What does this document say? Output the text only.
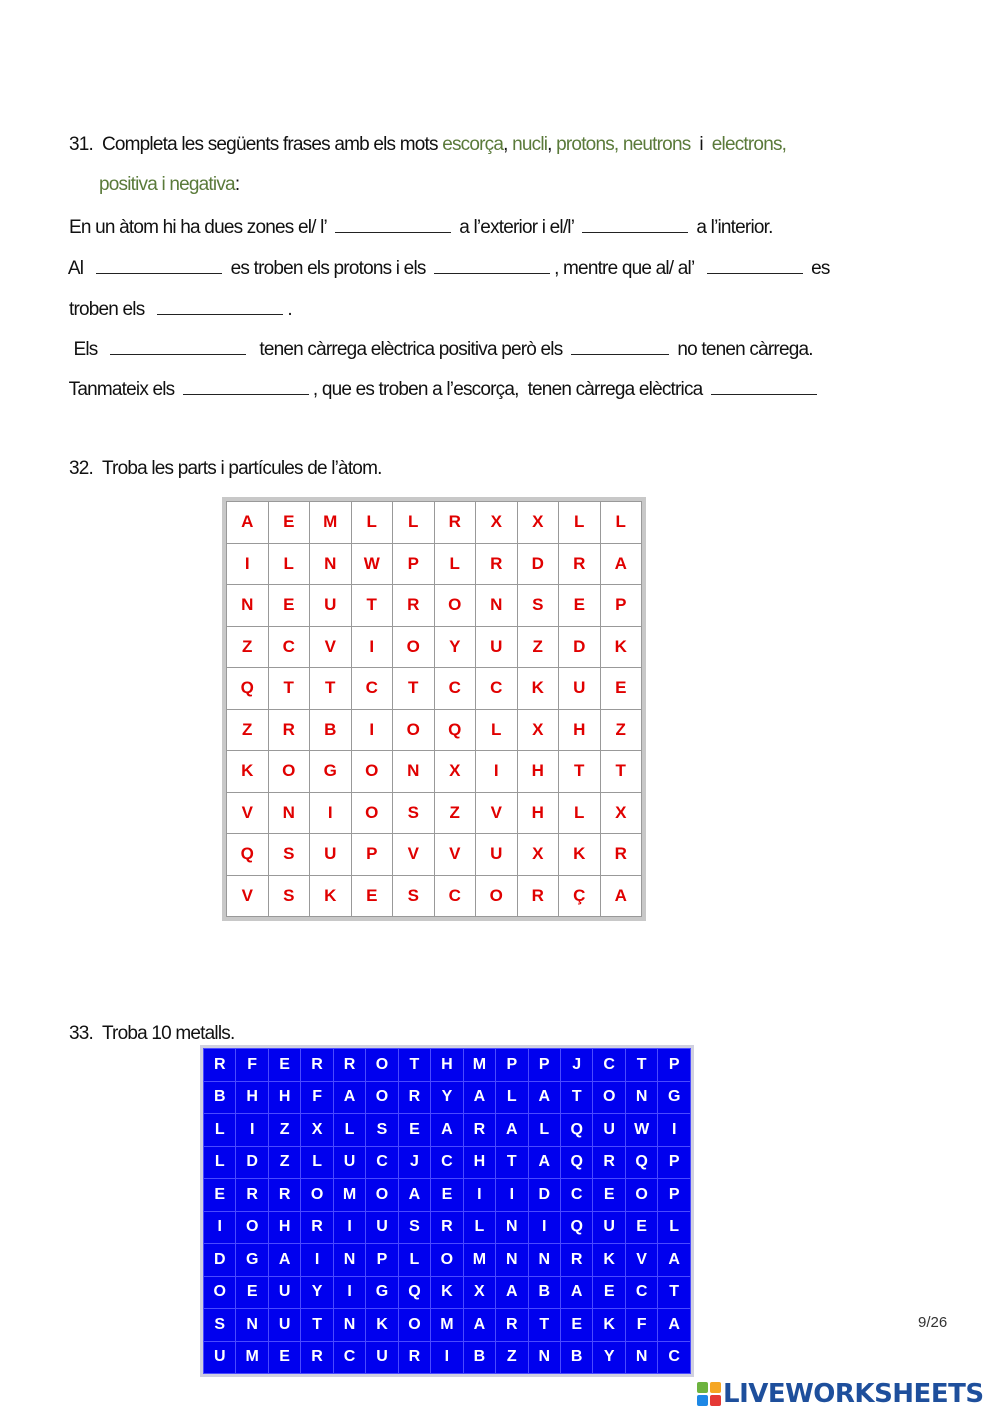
31. Completa les següents frases amb els mots escorça, nucli, protons, neutrons  i  electrons,

positiva i negativa:

En un àtom hi ha dues zones el/ l’	a l’exterior i el/l’	a l’interior.

Al	es troben els protons i els	, mentre que al/ al’	es

troben els	.

Els	tenen càrrega elèctrica positiva però els	no tenen càrrega.

Tanmateix els	, que es troben a l’escorça,  tenen càrrega elèctrica

32. Troba les parts i partícules de l’àtom.

A	E	M	L	L	R	X	X	L	L
I	L	N	W	P	L	R	D	R	A
N	E	U	T	R	O	N	S	E	P
Z	C	V	I	O	Y	U	Z	D	K
Q	T	T	C	T	C	C	K	U	E
Z	R	B	I	O	Q	L	X	H	Z
K	O	G	O	N	X	I	H	T	T
V	N	I	O	S	Z	V	H	L	X
Q	S	U	P	V	V	U	X	K	R
V	S	K	E	S	C	O	R	Ç	A

33. Troba 10 metalls.

R	F	E	R	R	O	T	H	M	P	P	J	C	T	P
B	H	H	F	A	O	R	Y	A	L	A	T	O	N	G
L	I	Z	X	L	S	E	A	R	A	L	Q	U	W	I
L	D	Z	L	U	C	J	C	H	T	A	Q	R	Q	P
E	R	R	O	M	O	A	E	I	I	D	C	E	O	P
I	O	H	R	I	U	S	R	L	N	I	Q	U	E	L
D	G	A	I	N	P	L	O	M	N	N	R	K	V	A
O	E	U	Y	I	G	Q	K	X	A	B	A	E	C	T
S	N	U	T	N	K	O	M	A	R	T	E	K	F	A
U	M	E	R	C	U	R	I	B	Z	N	B	Y	N	C
9/26
LIVEWORKSHEETS
